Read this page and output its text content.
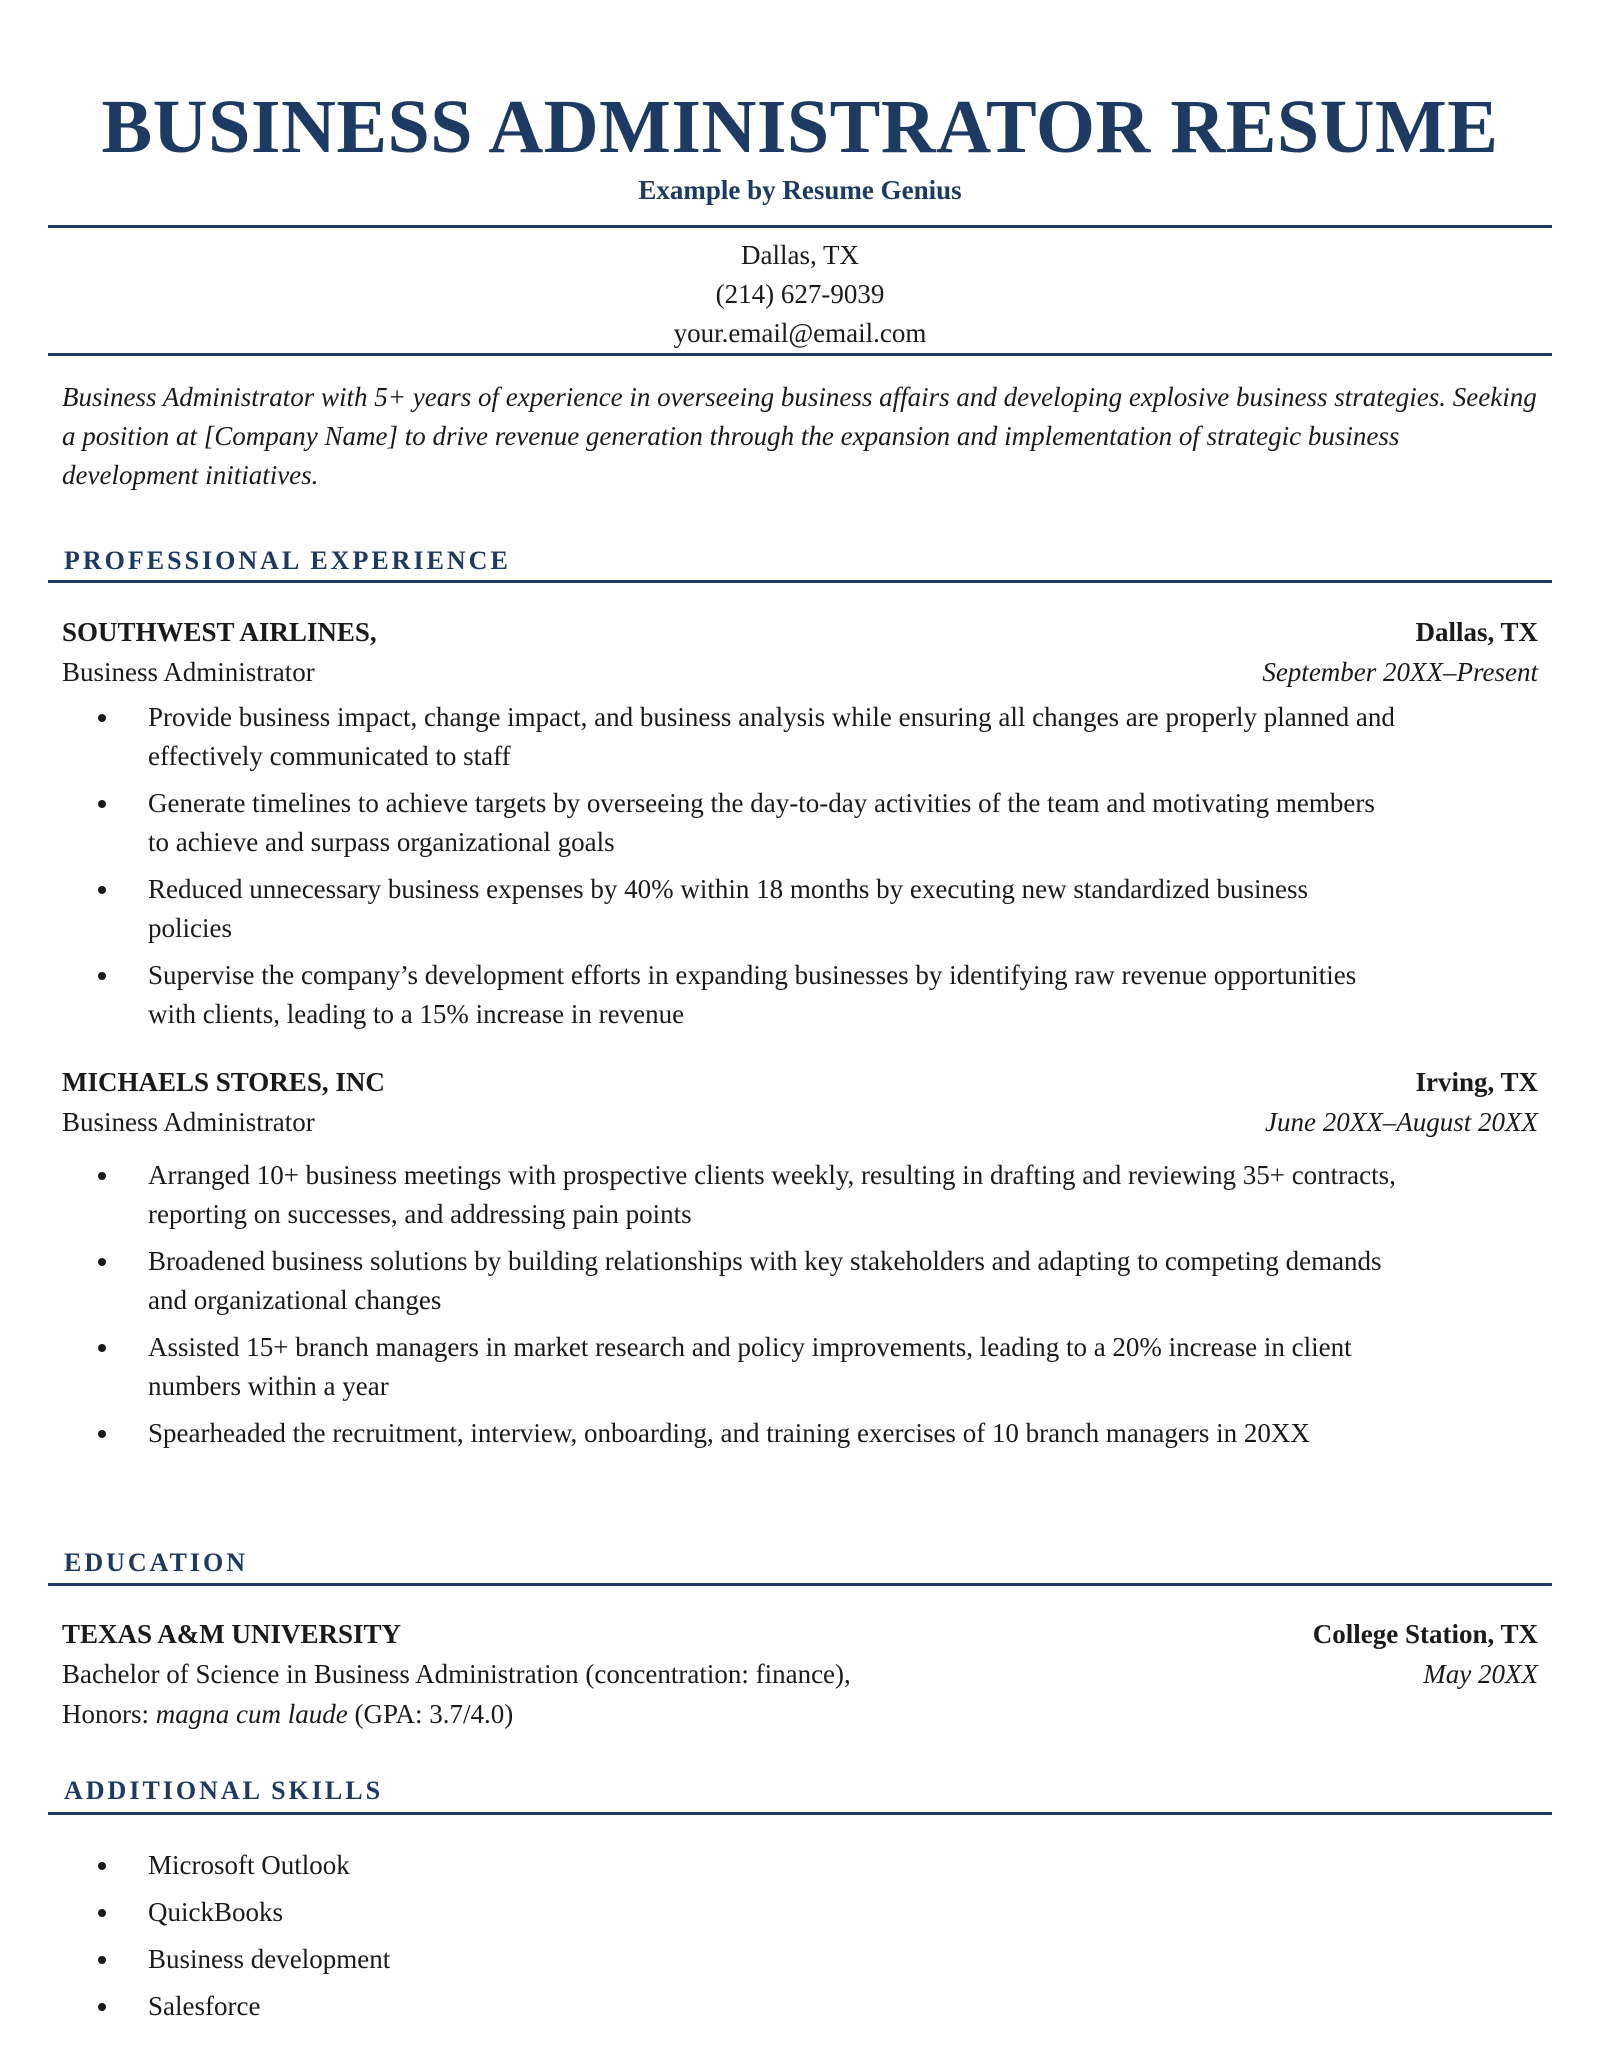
BUSINESS ADMINISTRATOR RESUME
Example by Resume Genius
Dallas, TX
(214) 627-9039
your.email@email.com
Business Administrator with 5+ years of experience in overseeing business affairs and developing explosive business strategies. Seeking a position at [Company Name] to drive revenue generation through the expansion and implementation of strategic business development initiatives.
PROFESSIONAL EXPERIENCE
SOUTHWEST AIRLINES,	Dallas, TX
Business Administrator	September 20XX–Present
Provide business impact, change impact, and business analysis while ensuring all changes are properly planned and effectively communicated to staff
Generate timelines to achieve targets by overseeing the day-to-day activities of the team and motivating members to achieve and surpass organizational goals
Reduced unnecessary business expenses by 40% within 18 months by executing new standardized business policies
Supervise the company’s development efforts in expanding businesses by identifying raw revenue opportunities with clients, leading to a 15% increase in revenue
MICHAELS STORES, INC	Irving, TX
Business Administrator	June 20XX–August 20XX
Arranged 10+ business meetings with prospective clients weekly, resulting in drafting and reviewing 35+ contracts, reporting on successes, and addressing pain points
Broadened business solutions by building relationships with key stakeholders and adapting to competing demands and organizational changes
Assisted 15+ branch managers in market research and policy improvements, leading to a 20% increase in client numbers within a year
Spearheaded the recruitment, interview, onboarding, and training exercises of 10 branch managers in 20XX
EDUCATION
TEXAS A&M UNIVERSITY	College Station, TX
Bachelor of Science in Business Administration (concentration: finance),	May 20XX
Honors: magna cum laude (GPA: 3.7/4.0)
ADDITIONAL SKILLS
Microsoft Outlook
QuickBooks
Business development
Salesforce
